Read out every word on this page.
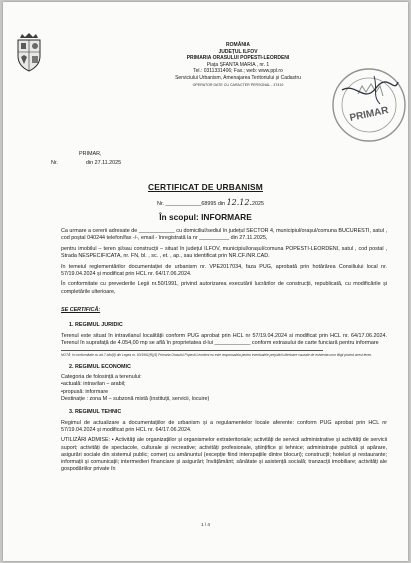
ROMÂNIA
JUDEȚUL ILFOV
PRIMARIA ORASULUI POPESTI-LEORDENI
Piața ȘFANTA MARIA , nr. 1
Tel.: 0311331406; Fax.; web: www.ppl.ro
Serviciului Urbanism, Amenajarea Teritoriului și Cadastru
OPERATOR DATE CU CARACTER PERSONAL - 37419
PRIMAR
PRIMAR,
Nr.	din 27.11.2025
CERTIFICAT DE URBANISM
Nr. ____________68995 din 12.12.2025
În scopul: INFORMARE

Ca urmare a cererii adresate de ____________ cu domiciliul/sediul în județul SECTOR 4, municipiul/orașul/comuna BUCURESTI, satul , cod poștal 040244 telefon/fax -/-, email - înregistrată la nr __________ din 27.11.2025,

pentru imobilul – teren și/sau construcții – situat în județul ILFOV, municipiul/orașul/comuna POPESTI-LEORDENI, satul , cod postal , Strada NESPECIFICATA, nr. FN, bl. , sc. , et. , ap., sau identificat prin NR.CF./NR.CAD.

în temeiul reglementărilor documentației de urbanism nr. VPE2017034, faza PUG, aprobată prin hotărârea Consiliului local nr. 57/19.04.2024 și modificat prin HCL nr. 64/17.06.2024.

În conformitate cu prevederile Legii nr.50/1991, privind autorizarea executării lucrărilor de construcții, republicată, cu modificările și completările ulterioare,

SE CERTIFICĂ:

1. REGIMUL JURIDIC

Terenul este situat în intravilanul localității conform PUG aprobat prin HCL nr 57/19.04.2024 si modificat prin HCL nr. 64/17.06.2024. Terenul în suprafață de 4.054,00 mp se află în proprietatea d-lui ____________ conform extrasului de carte funciară pentru informare

NOTĂ: In conformitate cu art.7 alin(8) din Legea nr. 50/1991(R)(5) Primaria Orasului Popesti Leordeni nu este responsabila pentru eventualele prejudicii ulterioare cauzate de existenta unor litigii privind acest teren.

2. REGIMUL ECONOMIC

Categoria de folosință a terenului:

•actuală: intravilan – arabil;

•propusă: informare

Destinație : zona M – subzonă mixtă (instituții, servicii, locuire)

3. REGIMUL TEHNIC

Regimul de actualizare a documentațiilor de urbanism și a regulamentelor locale aferente: conform PUG aprobat prin HCL nr 57/19.04.2024 și modificat prin HCL nr. 64/17.06.2024.

UTILIZĂRI ADMISE: • Activități ale organizațiilor și organismelor extrateritoriale; activități de servicii administrative și activități de servicii suport; activități de spectacole, culturale și recreative; activități profesionale, științifice și tehnice; administrație publică și apărare, asigurări sociale din sistemul public; comerț cu amănuntul (excepție fiind interspațiile dintre blocuri); construcții; hoteluri și restaurante; informații și comunicații; intermedieri financiare și asigurări; învățământ; sănătate și asistență socială; tranzacții imobiliare; activități ale gospodăriilor private în

1 / 4
